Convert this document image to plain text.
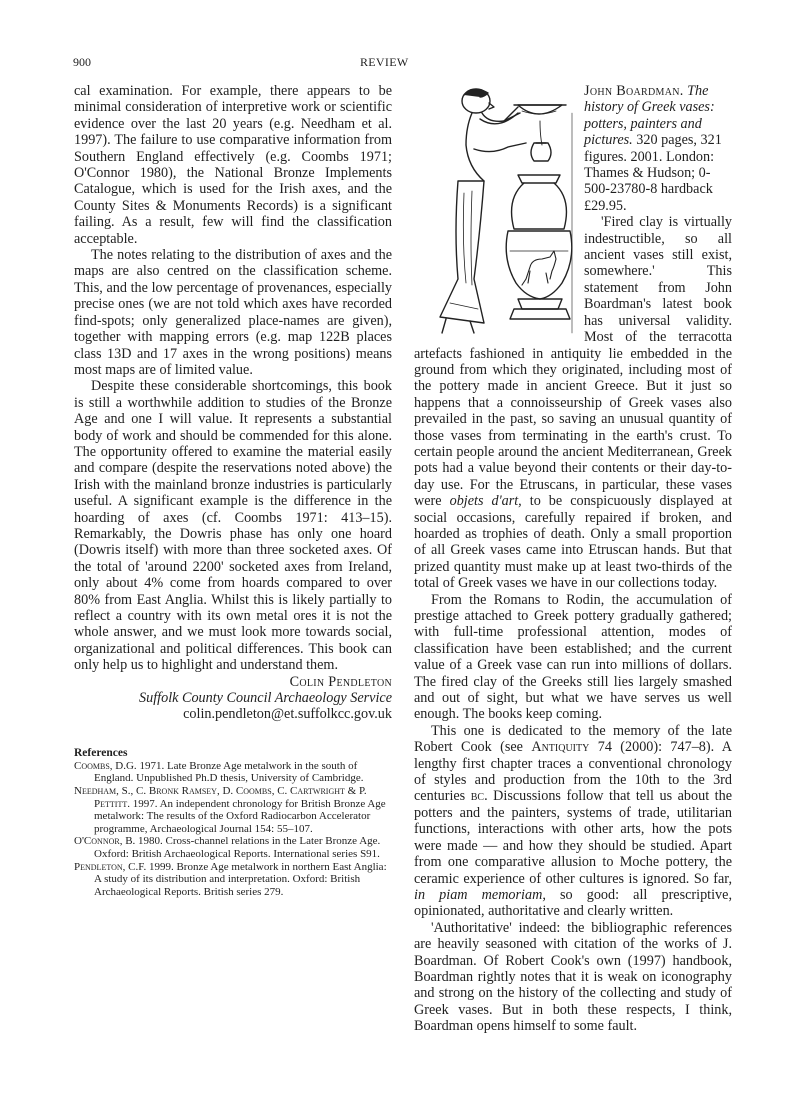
900	REVIEW

cal examination. For example, there appears to be minimal consideration of interpretive work or scientific evidence over the last 20 years (e.g. Needham et al. 1997). The failure to use comparative information from Southern England effectively (e.g. Coombs 1971; O'Connor 1980), the National Bronze Implements Catalogue, which is used for the Irish axes, and the County Sites & Monuments Records) is a significant failing. As a result, few will find the classification acceptable.

The notes relating to the distribution of axes and the maps are also centred on the classification scheme. This, and the low percentage of provenances, especially precise ones (we are not told which axes have recorded find-spots; only generalized place-names are given), together with mapping errors (e.g. map 122B places class 13D and 17 axes in the wrong positions) means most maps are of limited value.

Despite these considerable shortcomings, this book is still a worthwhile addition to studies of the Bronze Age and one I will value. It represents a substantial body of work and should be commended for this alone. The opportunity offered to examine the material easily and compare (despite the reservations noted above) the Irish with the mainland bronze industries is particularly useful. A significant example is the difference in the hoarding of axes (cf. Coombs 1971: 413–15). Remarkably, the Dowris phase has only one hoard (Dowris itself) with more than three socketed axes. Of the total of 'around 2200' socketed axes from Ireland, only about 4% come from hoards compared to over 80% from East Anglia. Whilst this is likely partially to reflect a country with its own metal ores it is not the whole answer, and we must look more towards social, organizational and political differences. This book can only help us to highlight and understand them.

Colin Pendleton

Suffolk County Council Archaeology Service

colin.pendleton@et.suffolkcc.gov.uk

References

Coombs, D.G. 1971. Late Bronze Age metalwork in the south of England. Unpublished Ph.D thesis, University of Cambridge.

Needham, S., C. Bronk Ramsey, D. Coombs, C. Cartwright & P. Pettitt. 1997. An independent chronology for British Bronze Age metalwork: The results of the Oxford Radiocarbon Accelerator programme, Archaeological Journal 154: 55–107.

O'Connor, B. 1980. Cross-channel relations in the Later Bronze Age. Oxford: British Archaeological Reports. International series S91.

Pendleton, C.F. 1999. Bronze Age metalwork in northern East Anglia: A study of its distribution and interpretation. Oxford: British Archaeological Reports. British series 279.

John Boardman. The history of Greek vases: potters, painters and pictures. 320 pages, 321 figures. 2001. London: Thames & Hudson; 0-500-23780-8 hardback £29.95.

'Fired clay is virtually indestructible, so all ancient vases still exist, somewhere.' This statement from John Boardman's latest book has universal validity. Most of the terracotta artefacts fashioned in antiquity lie embedded in the ground from which they originated, including most of the pottery made in ancient Greece. But it just so happens that a connoisseurship of Greek vases also prevailed in the past, so saving an unusual quantity of those vases from terminating in the earth's crust. To certain people around the ancient Mediterranean, Greek pots had a value beyond their contents or their day-to-day use. For the Etruscans, in particular, these vases were objets d'art, to be conspicuously displayed at social occasions, carefully repaired if broken, and hoarded as trophies of death. Only a small proportion of all Greek vases came into Etruscan hands. But that prized quantity must make up at least two-thirds of the total of Greek vases we have in our collections today.

From the Romans to Rodin, the accumulation of prestige attached to Greek pottery gradually gathered; with full-time professional attention, modes of classification have been established; and the current value of a Greek vase can run into millions of dollars. The fired clay of the Greeks still lies largely smashed and out of sight, but what we have serves us well enough. The books keep coming.

This one is dedicated to the memory of the late Robert Cook (see Antiquity 74 (2000): 747–8). A lengthy first chapter traces a conventional chronology of styles and production from the 10th to the 3rd centuries bc. Discussions follow that tell us about the potters and the painters, systems of trade, utilitarian functions, interactions with other arts, how the pots were made — and how they should be studied. Apart from one comparative allusion to Moche pottery, the ceramic experience of other cultures is ignored. So far, in piam memoriam, so good: all prescriptive, opinionated, authoritative and clearly written.

'Authoritative' indeed: the bibliographic references are heavily seasoned with citation of the works of J. Boardman. Of Robert Cook's own (1997) handbook, Boardman rightly notes that it is weak on iconography and strong on the history of the collecting and study of Greek vases. But in both these respects, I think, Boardman opens himself to some fault.
